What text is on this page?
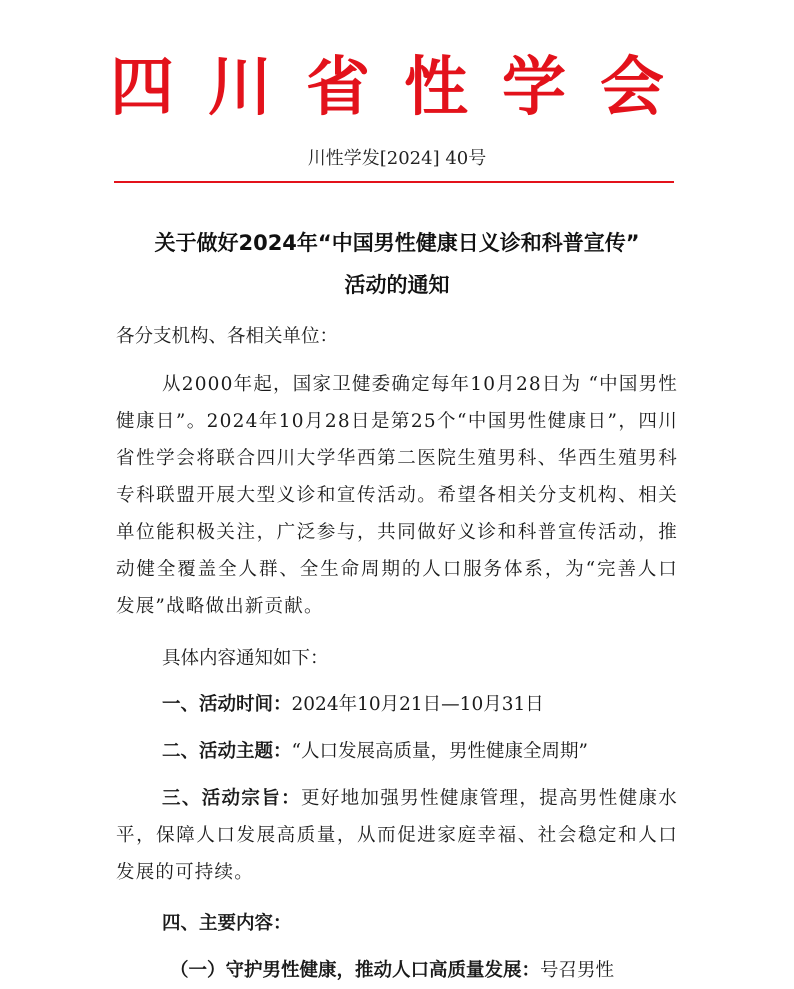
四川省性学会
川性学发[2024] 40号
关于做好2024年“中国男性健康日义诊和科普宣传”
活动的通知
各分支机构、各相关单位：
从2000年起，国家卫健委确定每年10月28日为 “中国男性健康日”。2024年10月28日是第25个“中国男性健康日”，四川省性学会将联合四川大学华西第二医院生殖男科、华西生殖男科专科联盟开展大型义诊和宣传活动。希望各相关分支机构、相关单位能积极关注，广泛参与，共同做好义诊和科普宣传活动，推动健全覆盖全人群、全生命周期的人口服务体系，为“完善人口发展”战略做出新贡献。
具体内容通知如下：
一、活动时间：2024年10月21日—10月31日
二、活动主题：“人口发展高质量，男性健康全周期”
三、活动宗旨：更好地加强男性健康管理，提高男性健康水平，保障人口发展高质量，从而促进家庭幸福、社会稳定和人口发展的可持续。
四、主要内容：
（一）守护男性健康，推动人口高质量发展：号召男性
